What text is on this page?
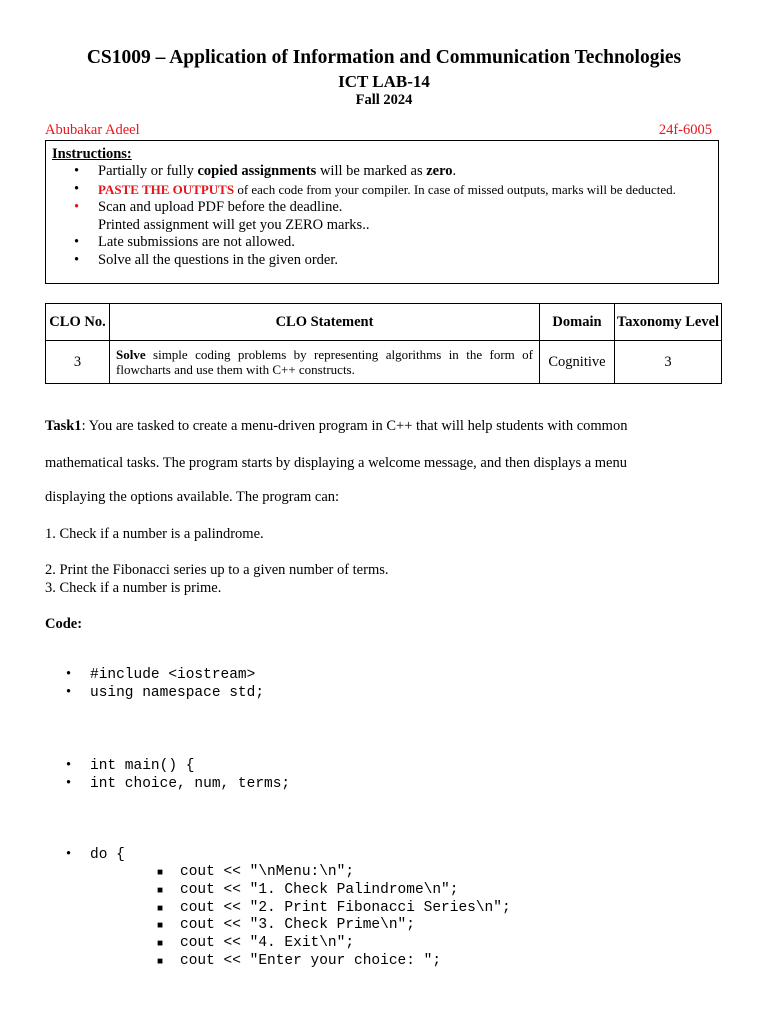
CS1009 – Application of Information and Communication Technologies
ICT LAB-14
Fall 2024
Abubakar Adeel	24f-6005
Instructions:
• Partially or fully copied assignments will be marked as zero.
• PASTE THE OUTPUTS of each code from your compiler. In case of missed outputs, marks will be deducted.
• Scan and upload PDF before the deadline.
Printed assignment will get you ZERO marks..
• Late submissions are not allowed.
• Solve all the questions in the given order.
CLO No.	CLO Statement	Domain	Taxonomy Level
3	Solve simple coding problems by representing algorithms in the form of flowcharts and use them with C++ constructs.	Cognitive	3
Task1: You are tasked to create a menu-driven program in C++ that will help students with common
mathematical tasks. The program starts by displaying a welcome message, and then displays a menu
displaying the options available. The program can:
1. Check if a number is a palindrome.
2. Print the Fibonacci series up to a given number of terms.
3. Check if a number is prime.
Code:
• #include <iostream>
• using namespace std;
• int main() {
• int choice, num, terms;
• do {
■ cout << "\nMenu:\n";
■ cout << "1. Check Palindrome\n";
■ cout << "2. Print Fibonacci Series\n";
■ cout << "3. Check Prime\n";
■ cout << "4. Exit\n";
■ cout << "Enter your choice: ";
